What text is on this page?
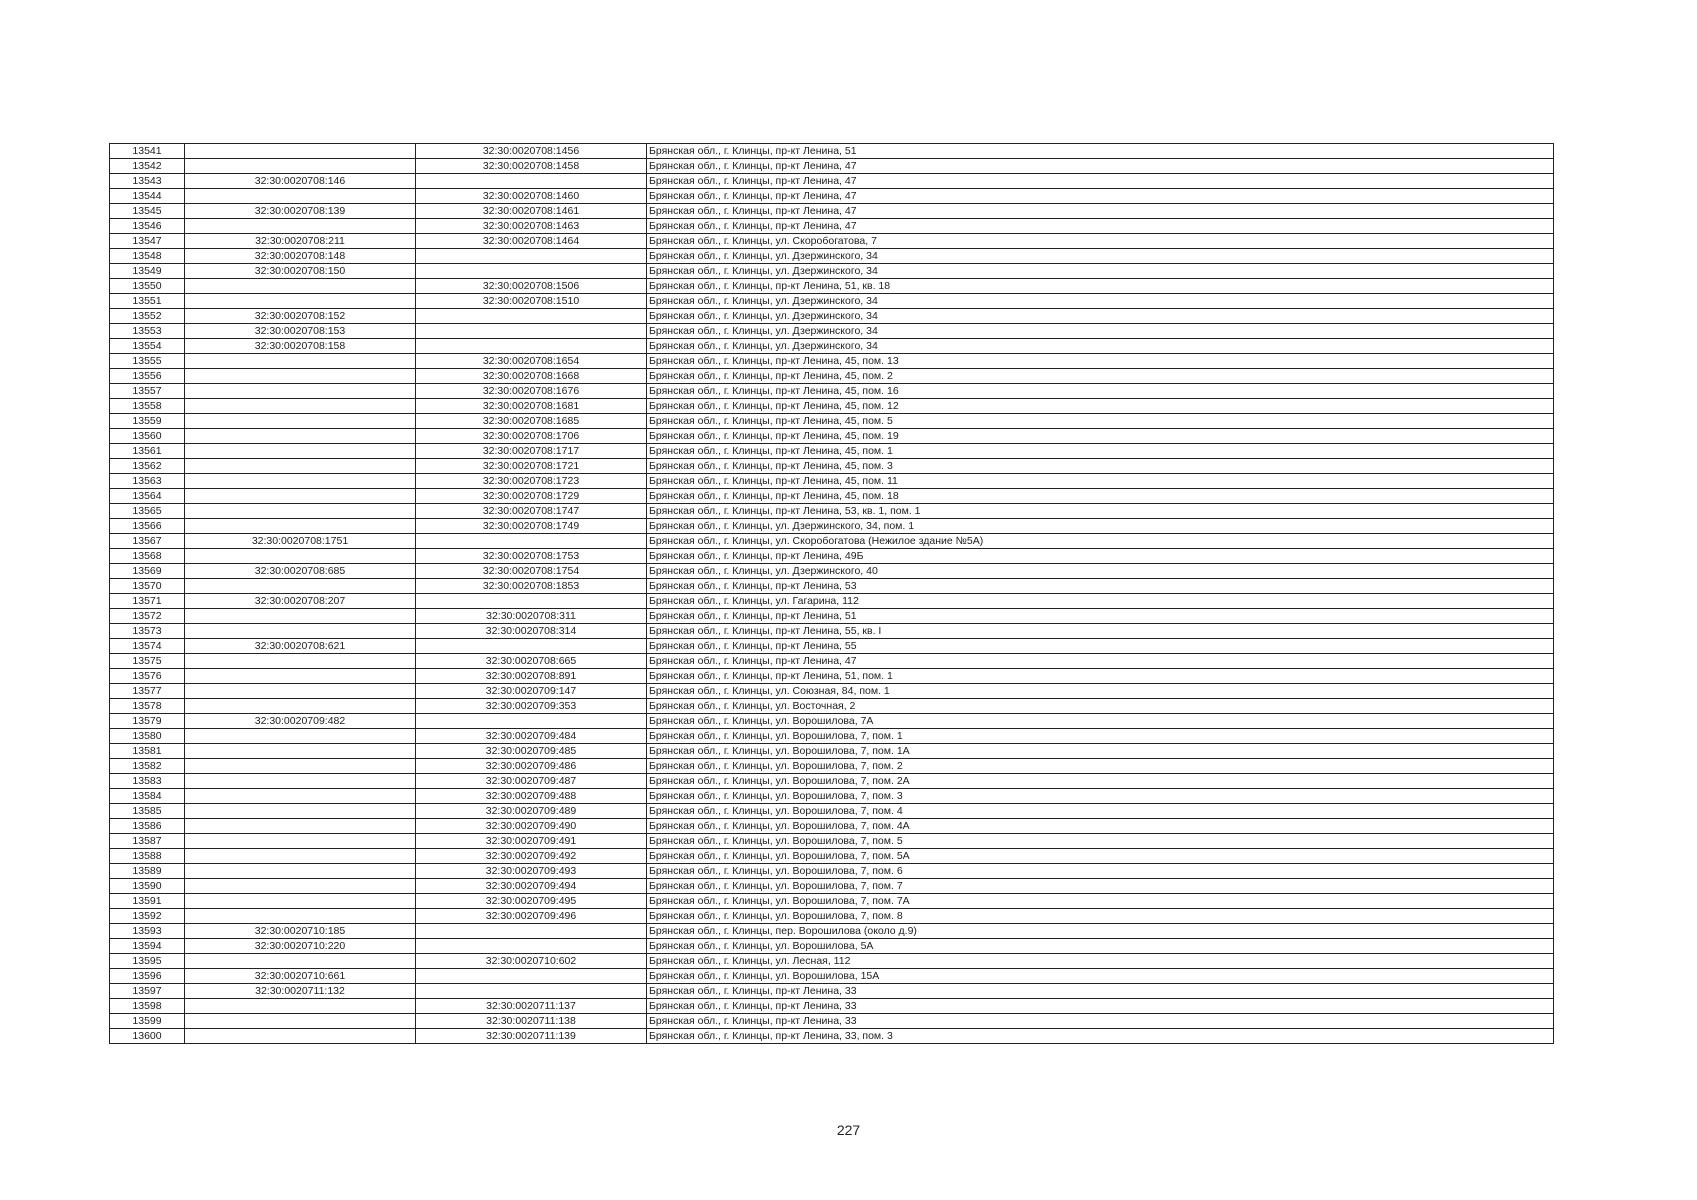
13541		32:30:0020708:1456	Брянская обл., г. Клинцы, пр-кт Ленина, 51
13542		32:30:0020708:1458	Брянская обл., г. Клинцы, пр-кт Ленина, 47
13543	32:30:0020708:146		Брянская обл., г. Клинцы, пр-кт Ленина, 47
13544		32:30:0020708:1460	Брянская обл., г. Клинцы, пр-кт Ленина, 47
13545	32:30:0020708:139	32:30:0020708:1461	Брянская обл., г. Клинцы, пр-кт Ленина, 47
13546		32:30:0020708:1463	Брянская обл., г. Клинцы, пр-кт Ленина, 47
13547	32:30:0020708:211	32:30:0020708:1464	Брянская обл., г. Клинцы, ул. Скоробогатова, 7
13548	32:30:0020708:148		Брянская обл., г. Клинцы, ул. Дзержинского, 34
13549	32:30:0020708:150		Брянская обл., г. Клинцы, ул. Дзержинского, 34
13550		32:30:0020708:1506	Брянская обл., г. Клинцы, пр-кт Ленина, 51, кв. 18
13551		32:30:0020708:1510	Брянская обл., г. Клинцы, ул. Дзержинского, 34
13552	32:30:0020708:152		Брянская обл., г. Клинцы, ул. Дзержинского, 34
13553	32:30:0020708:153		Брянская обл., г. Клинцы, ул. Дзержинского, 34
13554	32:30:0020708:158		Брянская обл., г. Клинцы, ул. Дзержинского, 34
13555		32:30:0020708:1654	Брянская обл., г. Клинцы, пр-кт Ленина, 45, пом. 13
13556		32:30:0020708:1668	Брянская обл., г. Клинцы, пр-кт Ленина, 45, пом. 2
13557		32:30:0020708:1676	Брянская обл., г. Клинцы, пр-кт Ленина, 45, пом. 16
13558		32:30:0020708:1681	Брянская обл., г. Клинцы, пр-кт Ленина, 45, пом. 12
13559		32:30:0020708:1685	Брянская обл., г. Клинцы, пр-кт Ленина, 45, пом. 5
13560		32:30:0020708:1706	Брянская обл., г. Клинцы, пр-кт Ленина, 45, пом. 19
13561		32:30:0020708:1717	Брянская обл., г. Клинцы, пр-кт Ленина, 45, пом. 1
13562		32:30:0020708:1721	Брянская обл., г. Клинцы, пр-кт Ленина, 45, пом. 3
13563		32:30:0020708:1723	Брянская обл., г. Клинцы, пр-кт Ленина, 45, пом. 11
13564		32:30:0020708:1729	Брянская обл., г. Клинцы, пр-кт Ленина, 45, пом. 18
13565		32:30:0020708:1747	Брянская обл., г. Клинцы, пр-кт Ленина, 53, кв. 1, пом. 1
13566		32:30:0020708:1749	Брянская обл., г. Клинцы, ул. Дзержинского, 34, пом. 1
13567	32:30:0020708:1751		Брянская обл., г. Клинцы, ул. Скоробогатова (Нежилое здание №5А)
13568		32:30:0020708:1753	Брянская обл., г. Клинцы, пр-кт Ленина, 49Б
13569	32:30:0020708:685	32:30:0020708:1754	Брянская обл., г. Клинцы, ул. Дзержинского, 40
13570		32:30:0020708:1853	Брянская обл., г. Клинцы, пр-кт Ленина, 53
13571	32:30:0020708:207		Брянская обл., г. Клинцы, ул. Гагарина, 112
13572		32:30:0020708:311	Брянская обл., г. Клинцы, пр-кт Ленина, 51
13573		32:30:0020708:314	Брянская обл., г. Клинцы, пр-кт Ленина, 55, кв. I
13574	32:30:0020708:621		Брянская обл., г. Клинцы, пр-кт Ленина, 55
13575		32:30:0020708:665	Брянская обл., г. Клинцы, пр-кт Ленина, 47
13576		32:30:0020708:891	Брянская обл., г. Клинцы, пр-кт Ленина, 51, пом. 1
13577		32:30:0020709:147	Брянская обл., г. Клинцы, ул. Союзная, 84, пом. 1
13578		32:30:0020709:353	Брянская обл., г. Клинцы, ул. Восточная, 2
13579	32:30:0020709:482		Брянская обл., г. Клинцы, ул. Ворошилова, 7А
13580		32:30:0020709:484	Брянская обл., г. Клинцы, ул. Ворошилова, 7, пом. 1
13581		32:30:0020709:485	Брянская обл., г. Клинцы, ул. Ворошилова, 7, пом. 1А
13582		32:30:0020709:486	Брянская обл., г. Клинцы, ул. Ворошилова, 7, пом. 2
13583		32:30:0020709:487	Брянская обл., г. Клинцы, ул. Ворошилова, 7, пом. 2А
13584		32:30:0020709:488	Брянская обл., г. Клинцы, ул. Ворошилова, 7, пом. 3
13585		32:30:0020709:489	Брянская обл., г. Клинцы, ул. Ворошилова, 7, пом. 4
13586		32:30:0020709:490	Брянская обл., г. Клинцы, ул. Ворошилова, 7, пом. 4А
13587		32:30:0020709:491	Брянская обл., г. Клинцы, ул. Ворошилова, 7, пом. 5
13588		32:30:0020709:492	Брянская обл., г. Клинцы, ул. Ворошилова, 7, пом. 5А
13589		32:30:0020709:493	Брянская обл., г. Клинцы, ул. Ворошилова, 7, пом. 6
13590		32:30:0020709:494	Брянская обл., г. Клинцы, ул. Ворошилова, 7, пом. 7
13591		32:30:0020709:495	Брянская обл., г. Клинцы, ул. Ворошилова, 7, пом. 7А
13592		32:30:0020709:496	Брянская обл., г. Клинцы, ул. Ворошилова, 7, пом. 8
13593	32:30:0020710:185		Брянская обл., г. Клинцы, пер. Ворошилова (около д.9)
13594	32:30:0020710:220		Брянская обл., г. Клинцы, ул. Ворошилова, 5А
13595		32:30:0020710:602	Брянская обл., г. Клинцы, ул. Лесная, 112
13596	32:30:0020710:661		Брянская обл., г. Клинцы, ул. Ворошилова, 15А
13597	32:30:0020711:132		Брянская обл., г. Клинцы, пр-кт Ленина, 33
13598		32:30:0020711:137	Брянская обл., г. Клинцы, пр-кт Ленина, 33
13599		32:30:0020711:138	Брянская обл., г. Клинцы, пр-кт Ленина, 33
13600		32:30:0020711:139	Брянская обл., г. Клинцы, пр-кт Ленина, 33, пом. 3
227
